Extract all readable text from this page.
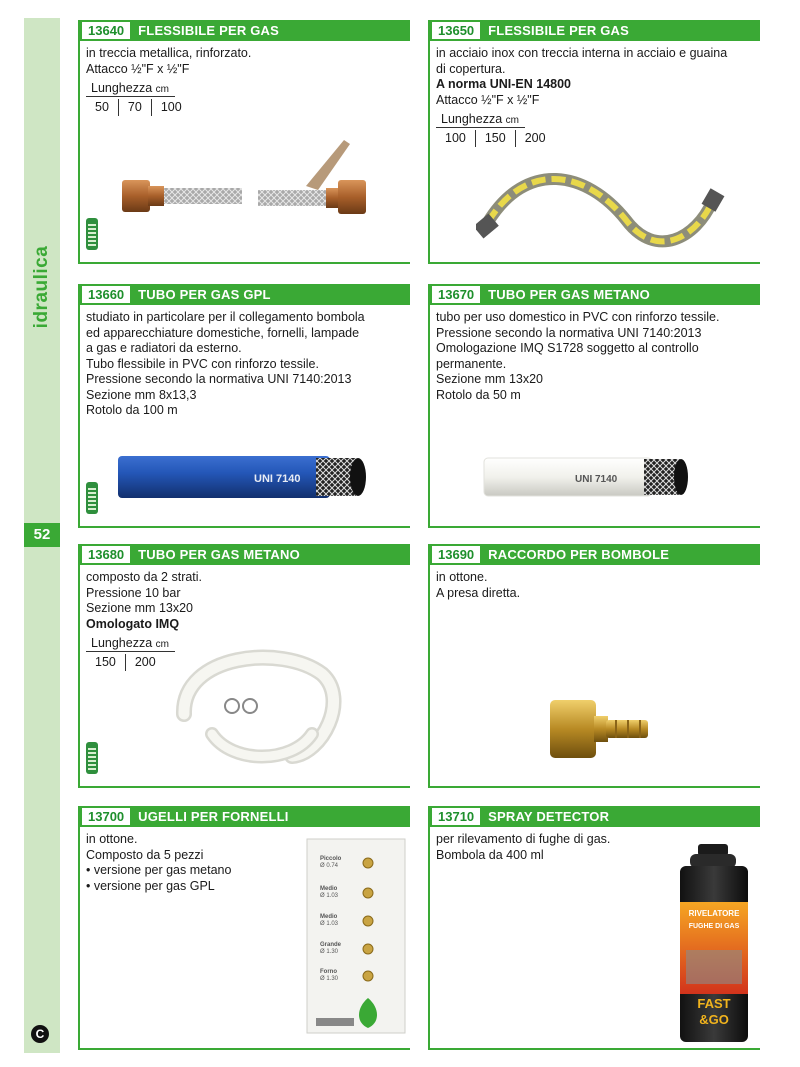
idraulica
52
C
13640	FLESSIBILE PER GAS
in treccia metallica, rinforzato.
Attacco ½"F x ½"F
Lunghezza cm
50	70	100
13650	FLESSIBILE PER GAS
in acciaio inox con treccia interna in acciaio e guaina
di copertura.
A norma UNI-EN 14800
Attacco ½"F x ½"F
Lunghezza cm
100	150	200
13660	TUBO PER GAS GPL
studiato in particolare per il collegamento bombola
ed apparecchiature domestiche, fornelli, lampade
a gas e radiatori da esterno.
Tubo flessibile in PVC con rinforzo tessile.
Pressione secondo la normativa UNI 7140:2013
Sezione mm 8x13,3
Rotolo da 100 m
UNI 7140
13670	TUBO PER GAS METANO
tubo per uso domestico in PVC con rinforzo tessile.
Pressione secondo la normativa UNI 7140:2013
Omologazione IMQ S1728 soggetto al controllo
permanente.
Sezione mm 13x20
Rotolo da 50 m
UNI 7140
13680	TUBO PER GAS METANO
composto da 2 strati.
Pressione 10 bar
Sezione mm 13x20
Omologato IMQ
Lunghezza cm
150	200
13690	RACCORDO PER BOMBOLE
in ottone.
A presa diretta.
13700	UGELLI PER FORNELLI
in ottone.
Composto da 5 pezzi
• versione per gas metano
• versione per gas GPL
Piccolo
Ø 0.74
Medio
Ø 1.03
Medio
Ø 1.03
Grande
Ø 1.30
Forno
Ø 1.30
13710	SPRAY DETECTOR
per rilevamento di fughe di gas.
Bombola da 400 ml
RIVELATORE
FUGHE DI GAS
FAST
&GO
